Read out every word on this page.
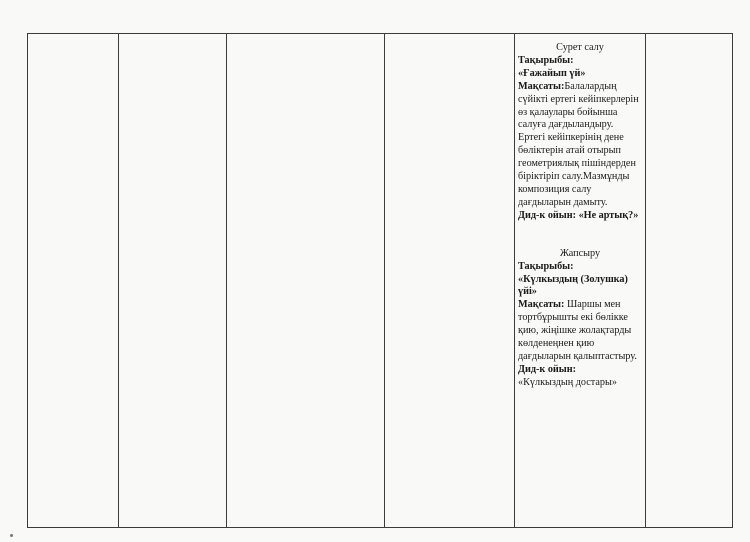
Сурет салу

Тақырыбы:

«Ғажайып үй»

Мақсаты:Балалардың сүйікті ертегі кейіпкерлерін өз қалаулары бойынша салуға дағдыландыру. Ертегі кейіпкерінің дене бөліктерін атай отырып геометриялық пішіндерден біріктіріп салу.Мазмұнды композиция салу дағдыларын дамыту.

Дид-к ойын: «Не артық?»

Жапсыру

Тақырыбы:

«Күлкыздың (Золушка) үйі»

Мақсаты: Шаршы мен тортбұрышты екі бөлікке қию, жіңішке жолақтарды көлденеңнен қию дағдыларын қалыптастыру.

Дид-к ойын:

«Күлкыздың достары»
